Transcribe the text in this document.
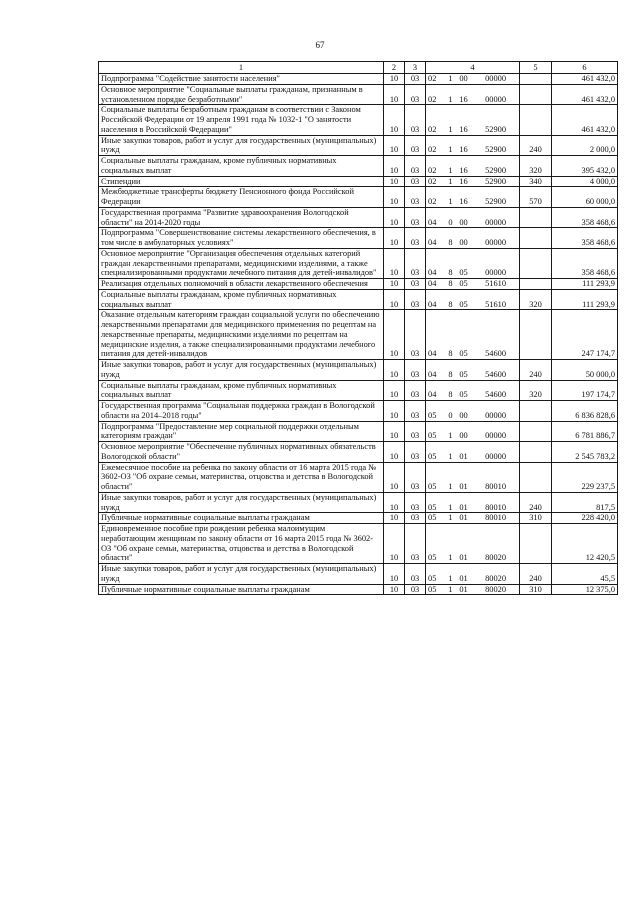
67
1	2	3	4	5	6
Подпрограмма "Содействие занятости населения"	10	03	02 1 00 00000		461 432,0
Основное мероприятие "Социальные выплаты гражданам, признанным в установленном порядке безработными"	10	03	02 1 16 00000		461 432,0
Социальные выплаты безработным гражданам в соответствии с Законом Российской Федерации от 19 апреля 1991 года № 1032-1 "О занятости населения в Российской Федерации"	10	03	02 1 16 52900		461 432,0
Иные закупки товаров, работ и услуг для государственных (муниципальных) нужд	10	03	02 1 16 52900	240	2 000,0
Социальные выплаты гражданам, кроме публичных нормативных социальных выплат	10	03	02 1 16 52900	320	395 432,0
Стипендии	10	03	02 1 16 52900	340	4 000,0
Межбюджетные трансферты бюджету Пенсионного фонда Российской Федерации	10	03	02 1 16 52900	570	60 000,0
Государственная программа "Развитие здравоохранения Вологодской области" на 2014-2020 годы	10	03	04 0 00 00000		358 468,6
Подпрограмма "Совершенствование системы лекарственного обеспечения, в том числе в амбулаторных условиях"	10	03	04 8 00 00000		358 468,6
Основное мероприятие "Организация обеспечения отдельных категорий граждан лекарственными препаратами, медицинскими изделиями, а также специализированными продуктами лечебного питания для детей-инвалидов"	10	03	04 8 05 00000		358 468,6
Реализация отдельных полномочий в области лекарственного обеспечения	10	03	04 8 05 51610		111 293,9
Социальные выплаты гражданам, кроме публичных нормативных социальных выплат	10	03	04 8 05 51610	320	111 293,9
Оказание отдельным категориям граждан социальной услуги по обеспечению лекарственными препаратами для медицинского применения по рецептам на лекарственные препараты, медицинскими изделиями по рецептам на медицинские изделия, а также специализированными продуктами лечебного питания для детей-инвалидов	10	03	04 8 05 54600		247 174,7
Иные закупки товаров, работ и услуг для государственных (муниципальных) нужд	10	03	04 8 05 54600	240	50 000,0
Социальные выплаты гражданам, кроме публичных нормативных социальных выплат	10	03	04 8 05 54600	320	197 174,7
Государственная программа "Социальная поддержка граждан в Вологодской области на 2014–2018 годы"	10	03	05 0 00 00000		6 836 828,6
Подпрограмма "Предоставление мер социальной поддержки отдельным категориям граждан"	10	03	05 1 00 00000		6 781 886,7
Основное мероприятие "Обеспечение публичных нормативных обязательств Вологодской области"	10	03	05 1 01 00000		2 545 783,2
Ежемесячное пособие на ребенка по закону области от 16 марта 2015 года № 3602-ОЗ "Об охране семьи, материнства, отцовства и детства в Вологодской области"	10	03	05 1 01 80010		229 237,5
Иные закупки товаров, работ и услуг для государственных (муниципальных) нужд	10	03	05 1 01 80010	240	817,5
Публичные нормативные социальные выплаты гражданам	10	03	05 1 01 80010	310	228 420,0
Единовременное пособие при рождении ребенка малоимущим неработающим женщинам по закону области от 16 марта 2015 года № 3602-ОЗ "Об охране семьи, материнства, отцовства и детства в Вологодской области"	10	03	05 1 01 80020		12 420,5
Иные закупки товаров, работ и услуг для государственных (муниципальных) нужд	10	03	05 1 01 80020	240	45,5
Публичные нормативные социальные выплаты гражданам	10	03	05 1 01 80020	310	12 375,0
